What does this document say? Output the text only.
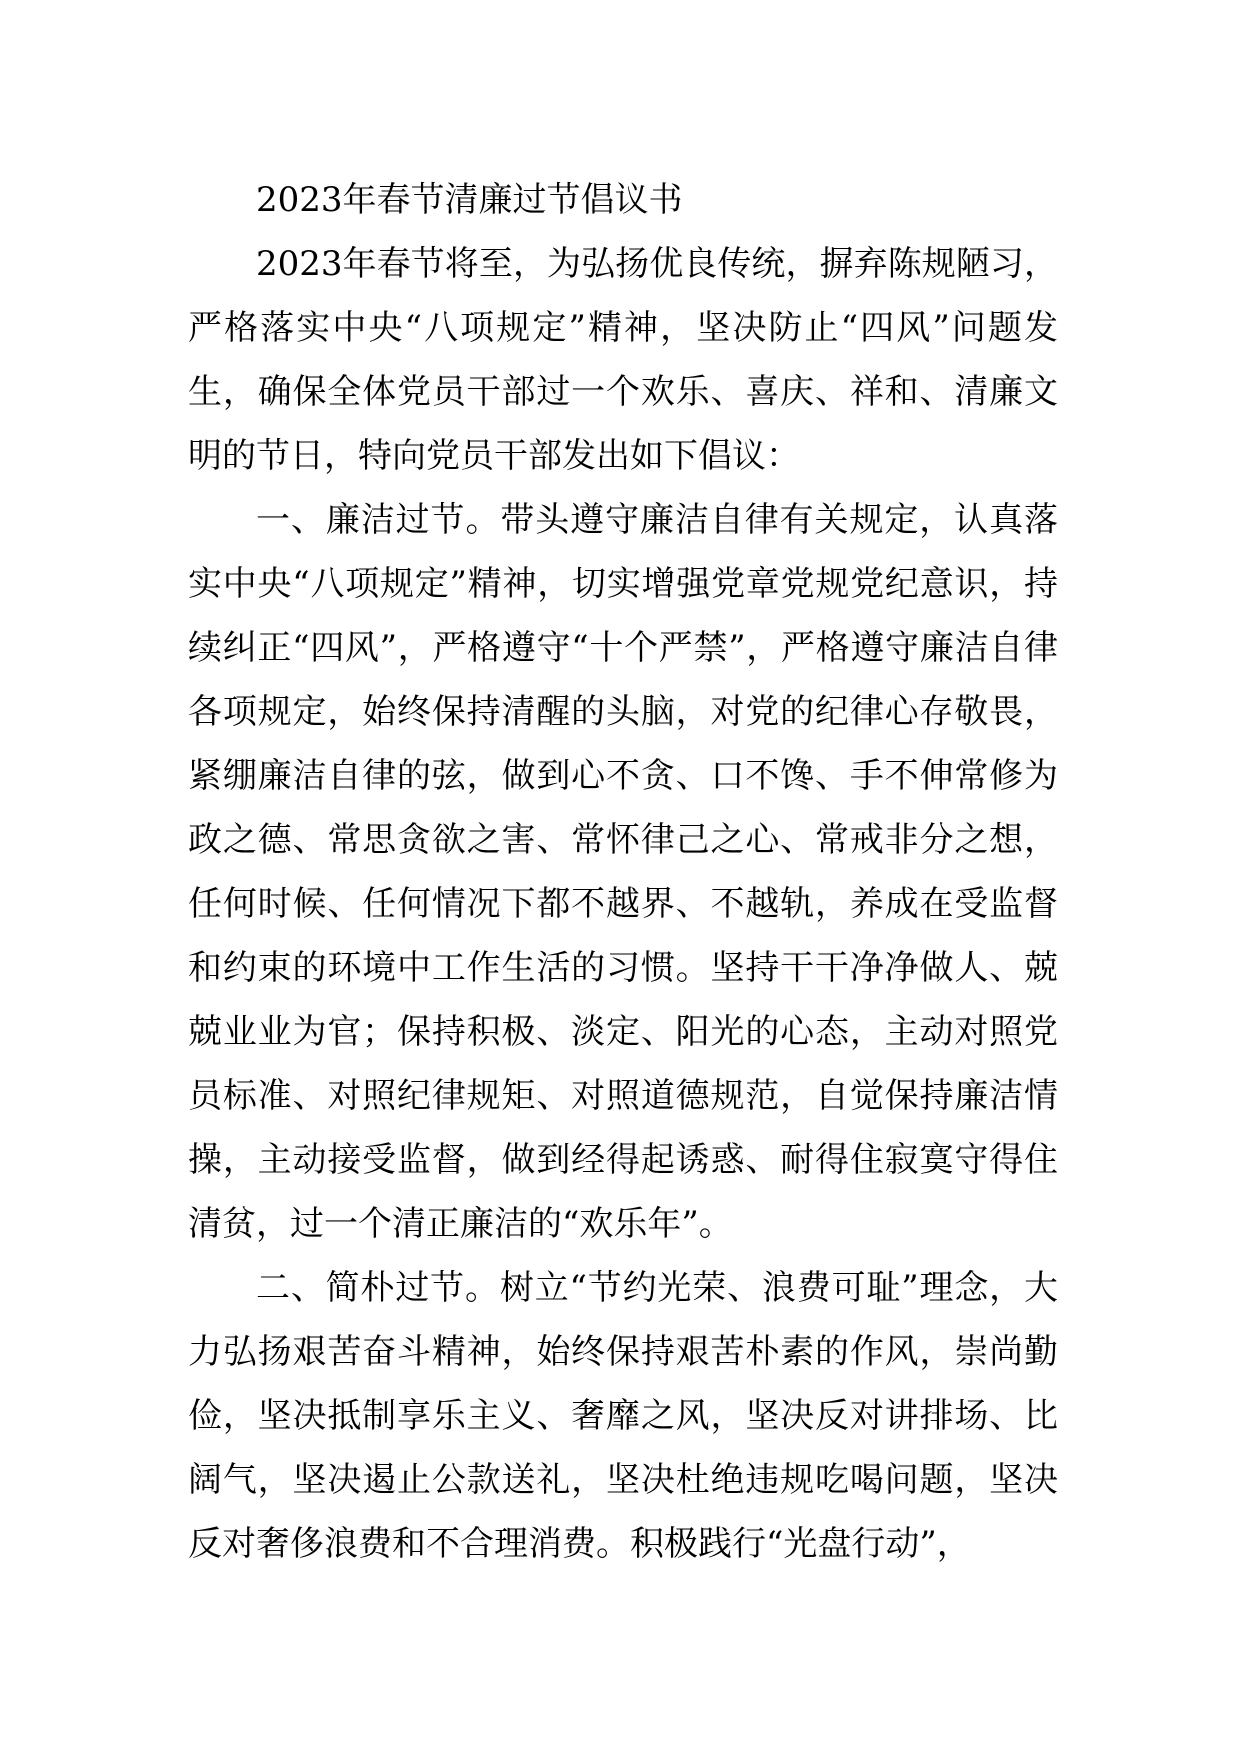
2023年春节清廉过节倡议书

2023年春节将至，为弘扬优良传统，摒弃陈规陋习，严格落实中央“八项规定”精神，坚决防止“四风”问题发生，确保全体党员干部过一个欢乐、喜庆、祥和、清廉文明的节日，特向党员干部发出如下倡议：

一、廉洁过节。带头遵守廉洁自律有关规定，认真落实中央“八项规定”精神，切实增强党章党规党纪意识，持续纠正“四风”，严格遵守“十个严禁”，严格遵守廉洁自律各项规定，始终保持清醒的头脑，对党的纪律心存敬畏，紧绷廉洁自律的弦，做到心不贪、口不馋、手不伸常修为政之德、常思贪欲之害、常怀律己之心、常戒非分之想，任何时候、任何情况下都不越界、不越轨，养成在受监督和约束的环境中工作生活的习惯。坚持干干净净做人、兢兢业业为官；保持积极、淡定、阳光的心态，主动对照党员标准、对照纪律规矩、对照道德规范，自觉保持廉洁情操，主动接受监督，做到经得起诱惑、耐得住寂寞守得住清贫，过一个清正廉洁的“欢乐年”。

二、简朴过节。树立“节约光荣、浪费可耻”理念，大力弘扬艰苦奋斗精神，始终保持艰苦朴素的作风，崇尚勤俭，坚决抵制享乐主义、奢靡之风，坚决反对讲排场、比阔气，坚决遏止公款送礼，坚决杜绝违规吃喝问题，坚决反对奢侈浪费和不合理消费。积极践行“光盘行动”，
